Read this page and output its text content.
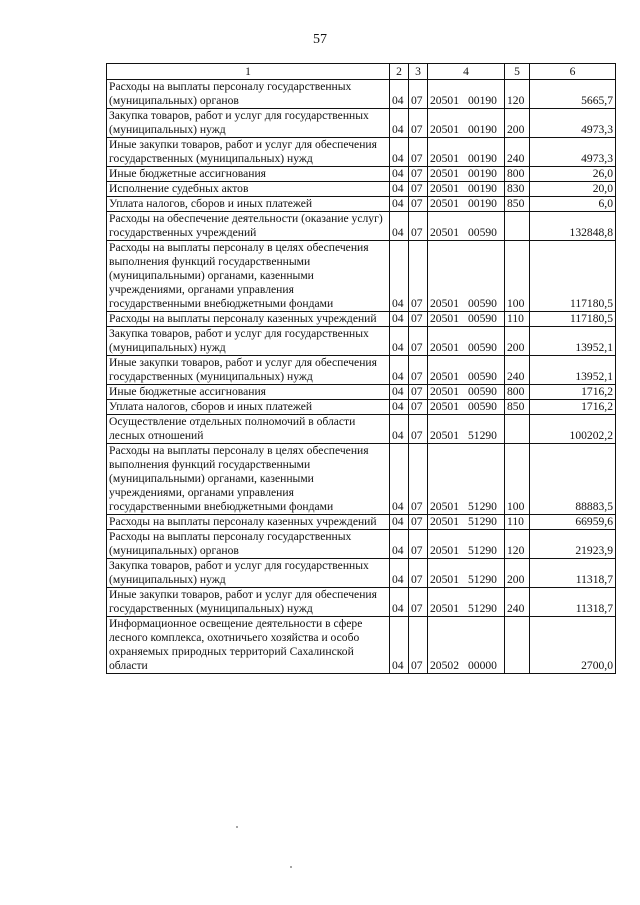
57
1	2	3	4	5	6
Расходы на выплаты персоналу государственных (муниципальных) органов	04	07	20501 00190	120	5665,7
Закупка товаров, работ и услуг для государственных (муниципальных) нужд	04	07	20501 00190	200	4973,3
Иные закупки товаров, работ и услуг для обеспечения государственных (муниципальных) нужд	04	07	20501 00190	240	4973,3
Иные бюджетные ассигнования	04	07	20501 00190	800	26,0
Исполнение судебных актов	04	07	20501 00190	830	20,0
Уплата налогов, сборов и иных платежей	04	07	20501 00190	850	6,0
Расходы на обеспечение деятельности (оказание услуг) государственных учреждений	04	07	20501 00590		132848,8
Расходы на выплаты персоналу в целях обеспечения выполнения функций государственными (муниципальными) органами, казенными учреждениями, органами управления государственными внебюджетными фондами	04	07	20501 00590	100	117180,5
Расходы на выплаты персоналу казенных учреждений	04	07	20501 00590	110	117180,5
Закупка товаров, работ и услуг для государственных (муниципальных) нужд	04	07	20501 00590	200	13952,1
Иные закупки товаров, работ и услуг для обеспечения государственных (муниципальных) нужд	04	07	20501 00590	240	13952,1
Иные бюджетные ассигнования	04	07	20501 00590	800	1716,2
Уплата налогов, сборов и иных платежей	04	07	20501 00590	850	1716,2
Осуществление отдельных полномочий в области лесных отношений	04	07	20501 51290		100202,2
Расходы на выплаты персоналу в целях обеспечения выполнения функций государственными (муниципальными) органами, казенными учреждениями, органами управления государственными внебюджетными фондами	04	07	20501 51290	100	88883,5
Расходы на выплаты персоналу казенных учреждений	04	07	20501 51290	110	66959,6
Расходы на выплаты персоналу государственных (муниципальных) органов	04	07	20501 51290	120	21923,9
Закупка товаров, работ и услуг для государственных (муниципальных) нужд	04	07	20501 51290	200	11318,7
Иные закупки товаров, работ и услуг для обеспечения государственных (муниципальных) нужд	04	07	20501 51290	240	11318,7
Информационное освещение деятельности в сфере лесного комплекса, охотничьего хозяйства и особо охраняемых природных территорий Сахалинской области	04	07	20502 00000		2700,0
